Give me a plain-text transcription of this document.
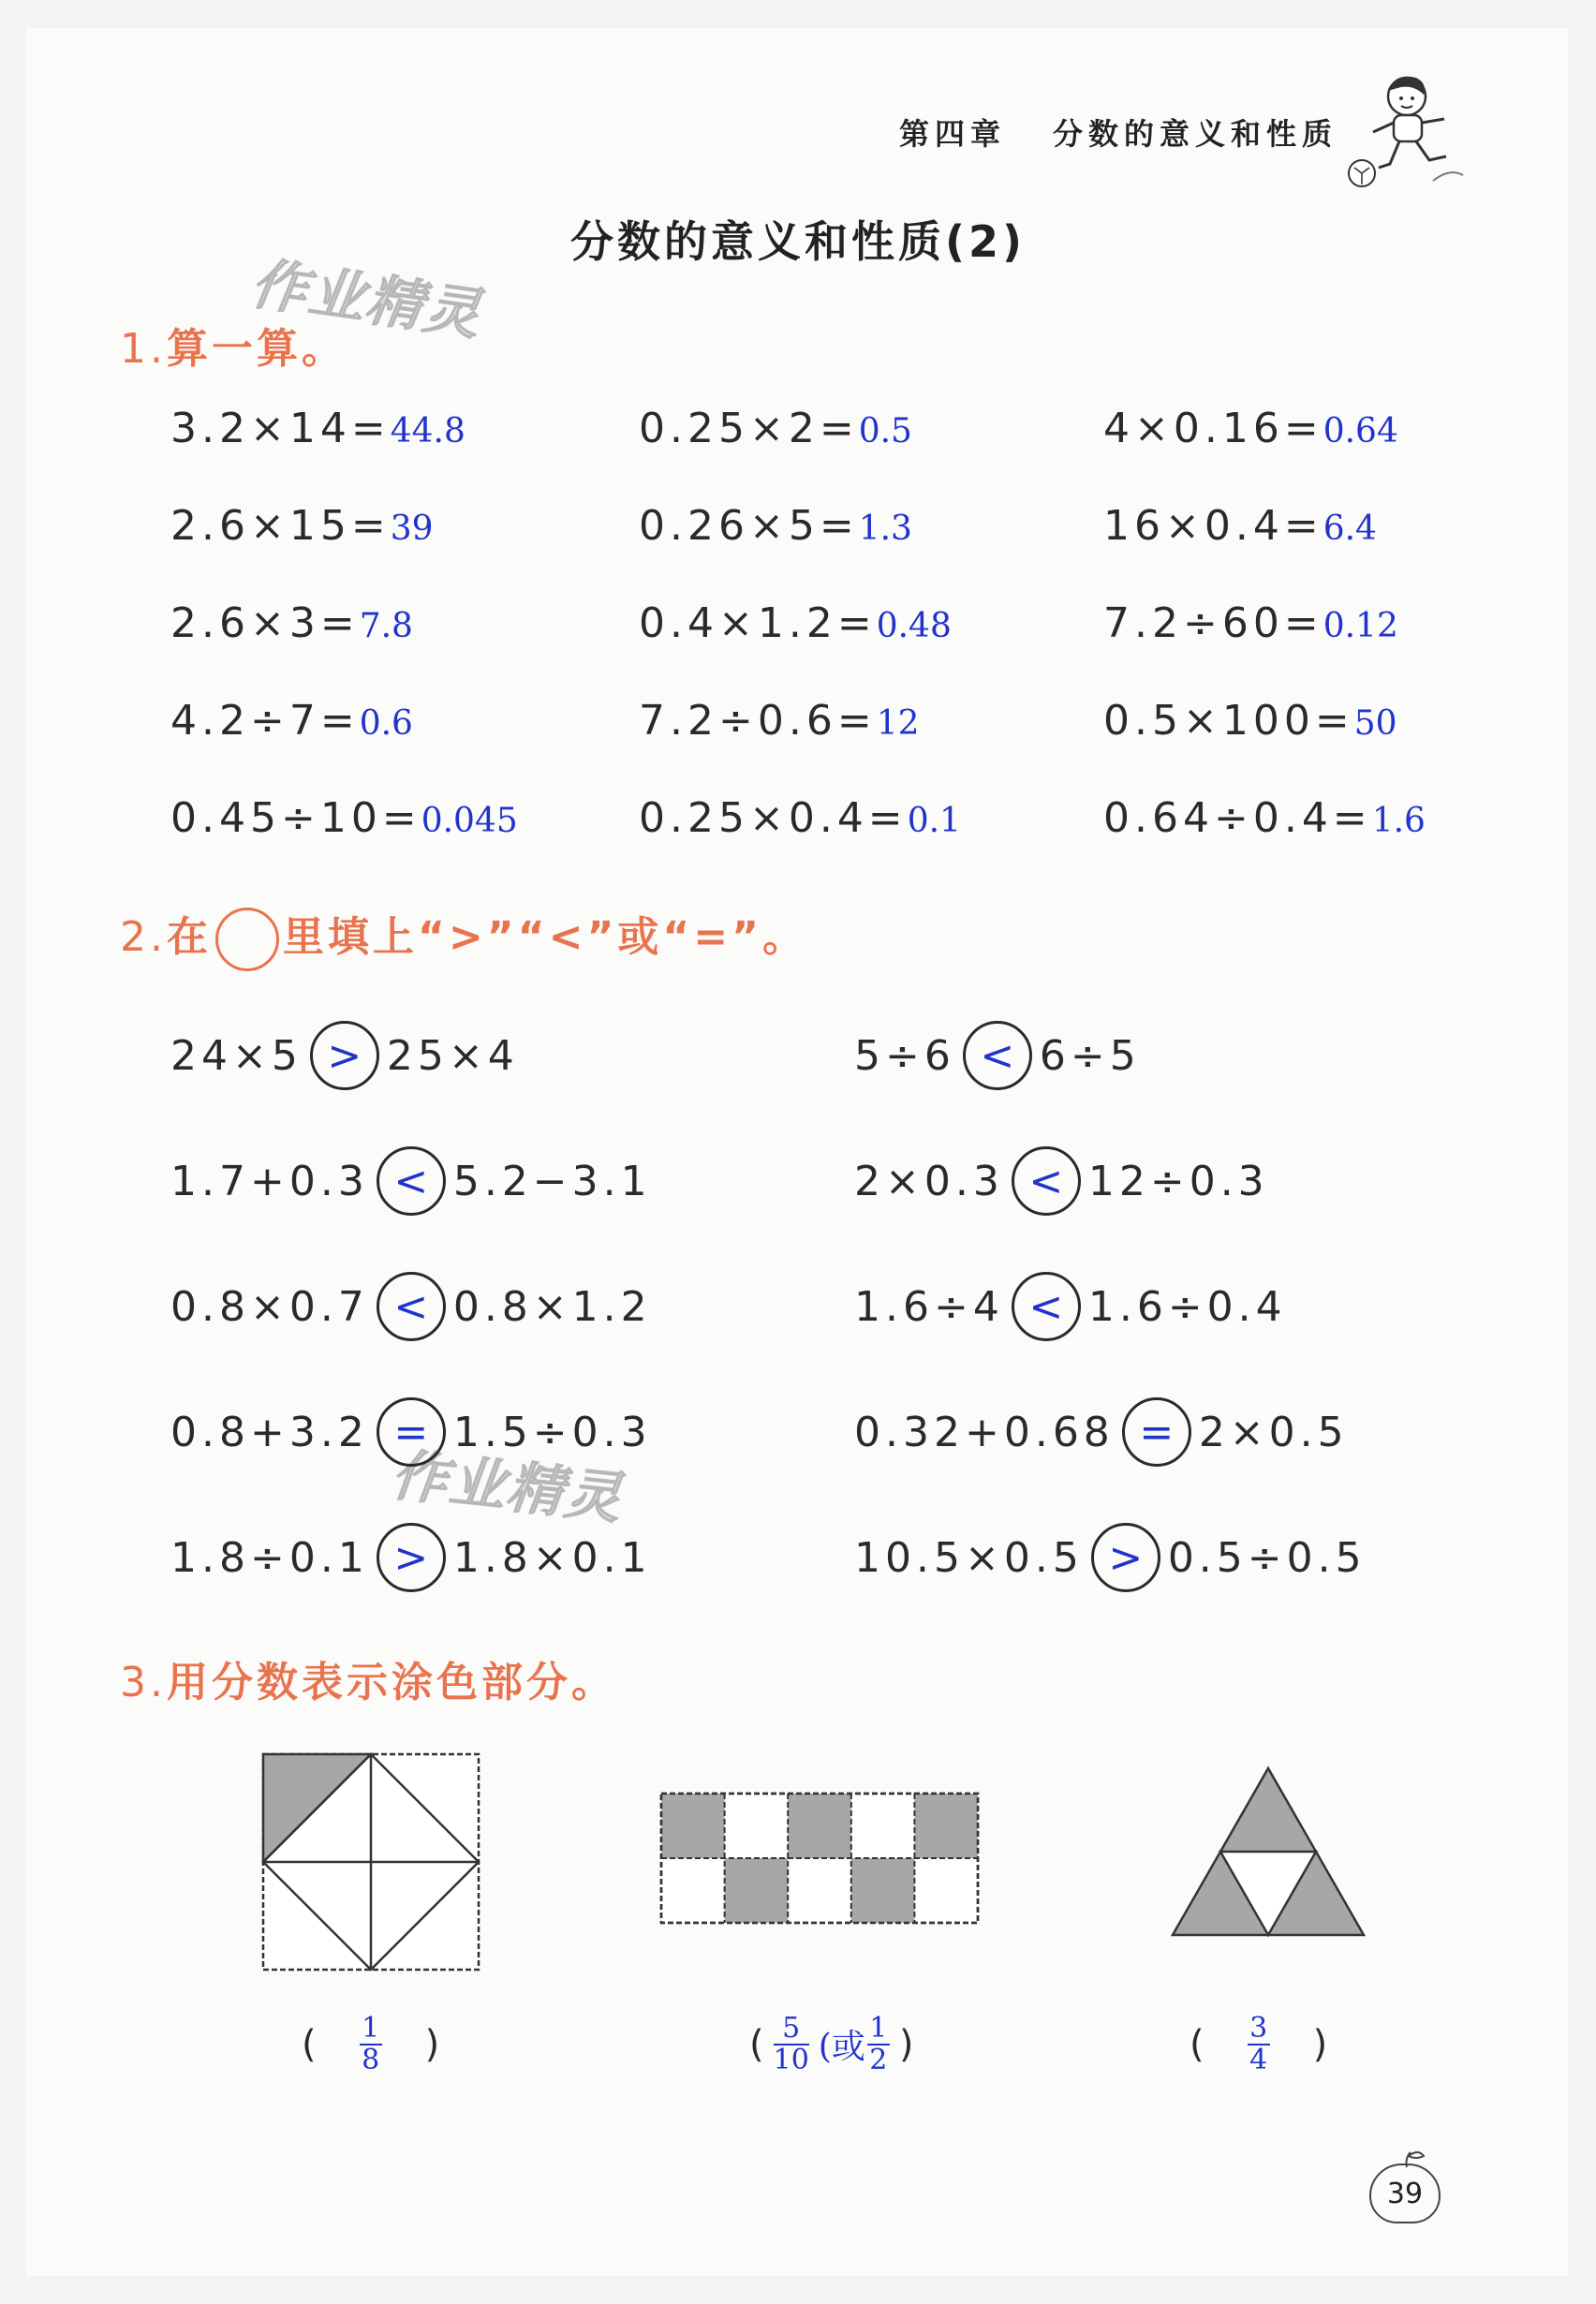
第四章 分数的意义和性质
分数的意义和性质(2)
作业精灵
作业精灵
1.算一算。
3.2×14=44.8	0.25×2=0.5	4×0.16=0.64
2.6×15=39	0.26×5=1.3	16×0.4=6.4
2.6×3=7.8	0.4×1.2=0.48	7.2÷60=0.12
4.2÷7=0.6	7.2÷0.6=12	0.5×100=50
0.45÷10=0.045	0.25×0.4=0.1	0.64÷0.4=1.6
2.在 里填上“>”“<”或“=”。
24×5 > 25×4	5÷6 < 6÷5
1.7+0.3 < 5.2−3.1	2×0.3 < 12÷0.3
0.8×0.7 < 0.8×1.2	1.6÷4 < 1.6÷0.4
0.8+3.2 = 1.5÷0.3	0.32+0.68 = 2×0.5
1.8÷0.1 > 1.8×0.1	10.5×0.5 > 0.5÷0.5
3.用分数表示涂色部分。
( $\frac{1}{8}$ )	( $\frac{5}{10}$ (或 $\frac{1}{2}$ )	( $\frac{3}{4}$ )
39
